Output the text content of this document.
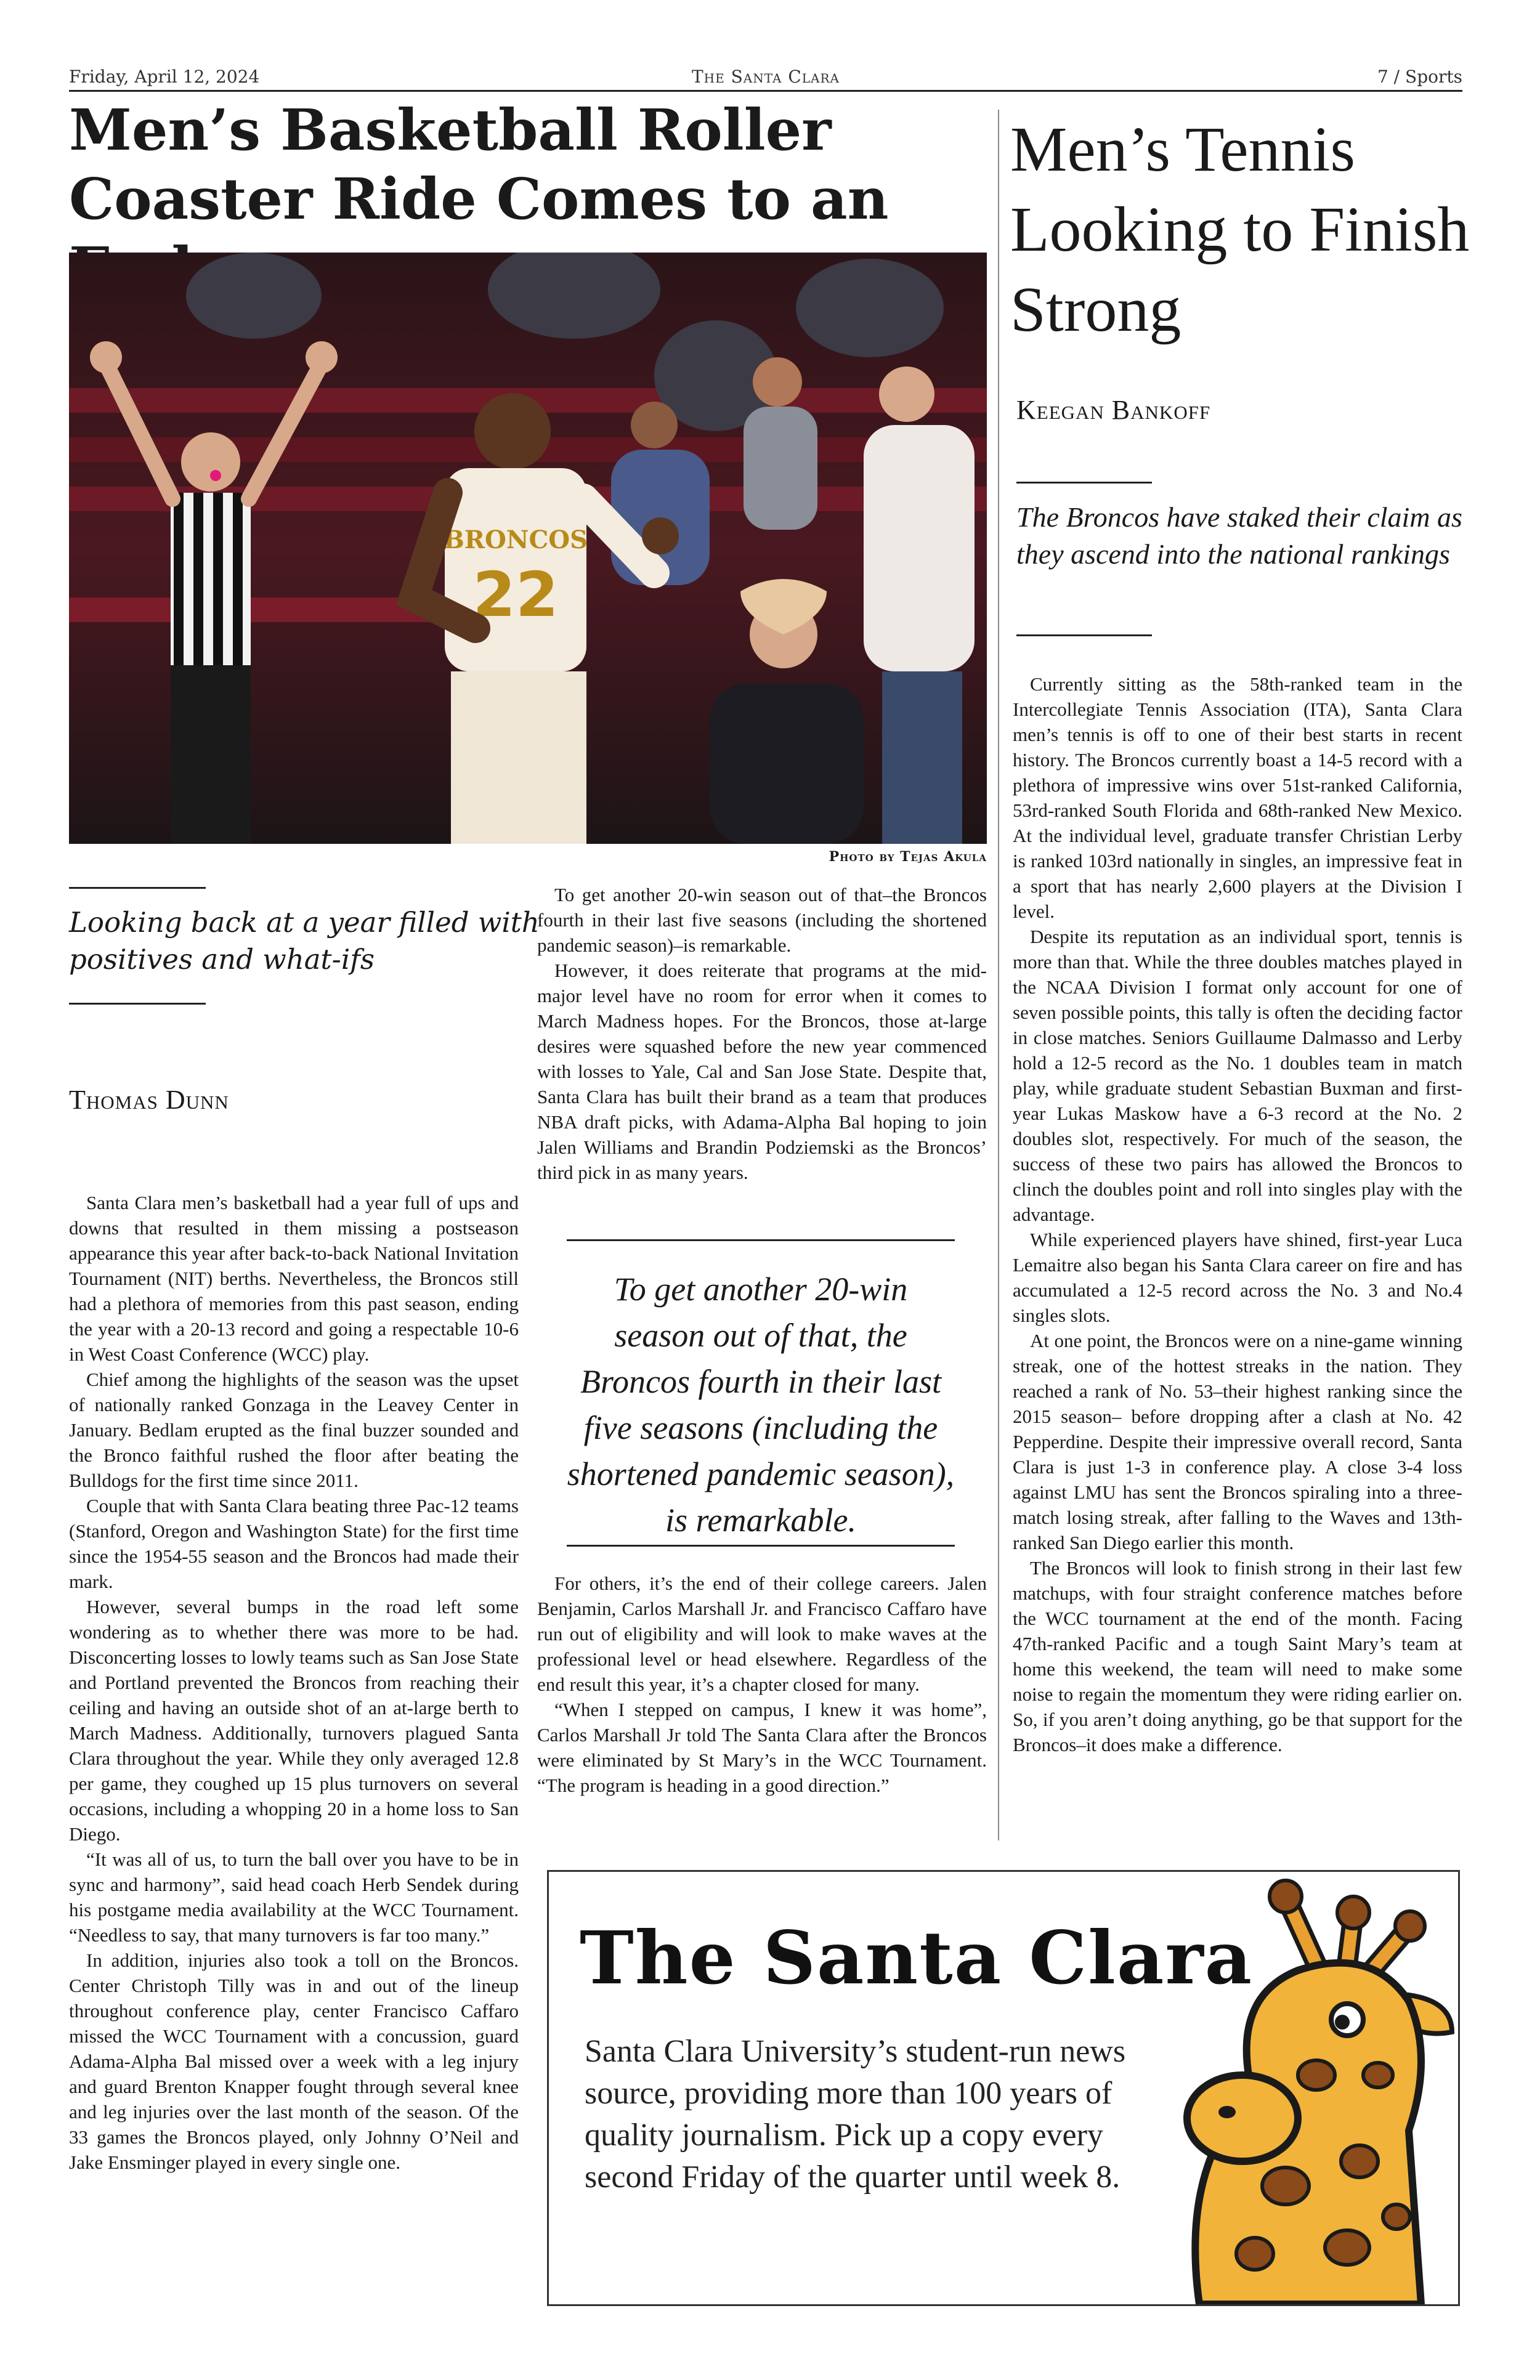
Friday, April 12, 2024	The Santa Clara	7 / Sports
Men’s Basketball Roller Coaster Ride Comes to an
BRONCOS
22
Photo by Tejas Akula
Looking back at a year filled with positives and what-ifs
Thomas Dunn

Santa Clara men’s basketball had a year full of ups and downs that resulted in them missing a postseason appearance this year after back-to-back National Invitation Tournament (NIT) berths. Nevertheless, the Broncos still had a plethora of memories from this past season, ending the year with a 20-13 record and going a respectable 10-6 in West Coast Conference (WCC) play.

Chief among the highlights of the season was the upset of nationally ranked Gonzaga in the Leavey Center in January. Bedlam erupted as the final buzzer sounded and the Bronco faithful rushed the floor after beating the Bulldogs for the first time since 2011.

Couple that with Santa Clara beating three Pac-12 teams (Stanford, Oregon and Washington State) for the first time since the 1954-55 season and the Broncos had made their mark.

However, several bumps in the road left some wondering as to whether there was more to be had. Disconcerting losses to lowly teams such as San Jose State and Portland prevented the Broncos from reaching their ceiling and having an outside shot of an at-large berth to March Madness. Additionally, turnovers plagued Santa Clara throughout the year. While they only averaged 12.8 per game, they coughed up 15 plus turnovers on several occasions, including a whopping 20 in a home loss to San Diego.

“It was all of us, to turn the ball over you have to be in sync and harmony”, said head coach Herb Sendek during his postgame media availability at the WCC Tournament. “Needless to say, that many turnovers is far too many.”

In addition, injuries also took a toll on the Broncos. Center Christoph Tilly was in and out of the lineup throughout conference play, center Francisco Caffaro missed the WCC Tournament with a concussion, guard Adama-Alpha Bal missed over a week with a leg injury and guard Brenton Knapper fought through several knee and leg injuries over the last month of the season. Of the 33 games the Broncos played, only Johnny O’Neil and Jake Ensminger played in every single one.

To get another 20-win season out of that–the Broncos fourth in their last five seasons (including the shortened pandemic season)–is remarkable.

However, it does reiterate that programs at the mid-major level have no room for error when it comes to March Madness hopes. For the Broncos, those at-large desires were squashed before the new year commenced with losses to Yale, Cal and San Jose State. Despite that, Santa Clara has built their brand as a team that produces NBA draft picks, with Adama-Alpha Bal hoping to join Jalen Williams and Brandin Podziemski as the Broncos’ third pick in as many years.

To get another 20-win season out of that, the Broncos fourth in their last five seasons (including the shortened pandemic season), is remarkable.

For others, it’s the end of their college careers. Jalen Benjamin, Carlos Marshall Jr. and Francisco Caffaro have run out of eligibility and will look to make waves at the professional level or head elsewhere. Regardless of the end result this year, it’s a chapter closed for many.

“When I stepped on campus, I knew it was home”, Carlos Marshall Jr told The Santa Clara after the Broncos were eliminated by St Mary’s in the WCC Tournament. “The program is heading in a good direction.”

Men’s Tennis Looking to Finish Strong
Keegan Bankoff
The Broncos have staked their claim as they ascend into the national rankings

Currently sitting as the 58th-ranked team in the Intercollegiate Tennis Association (ITA), Santa Clara men’s tennis is off to one of their best starts in recent history. The Broncos currently boast a 14-5 record with a plethora of impressive wins over 51st-ranked California, 53rd-ranked South Florida and 68th-ranked New Mexico. At the individual level, graduate transfer Christian Lerby is ranked 103rd nationally in singles, an impressive feat in a sport that has nearly 2,600 players at the Division I level.

Despite its reputation as an individual sport, tennis is more than that. While the three doubles matches played in the NCAA Division I format only account for one of seven possible points, this tally is often the deciding factor in close matches. Seniors Guillaume Dalmasso and Lerby hold a 12-5 record as the No. 1 doubles team in match play, while graduate student Sebastian Buxman and first-year Lukas Maskow have a 6-3 record at the No. 2 doubles slot, respectively. For much of the season, the success of these two pairs has allowed the Broncos to clinch the doubles point and roll into singles play with the advantage.

While experienced players have shined, first-year Luca Lemaitre also began his Santa Clara career on fire and has accumulated a 12-5 record across the No. 3 and No.4 singles slots.

At one point, the Broncos were on a nine-game winning streak, one of the hottest streaks in the nation. They reached a rank of No. 53–their highest ranking since the 2015 season– before dropping after a clash at No. 42 Pepperdine. Despite their impressive overall record, Santa Clara is just 1-3 in conference play. A close 3-4 loss against LMU has sent the Broncos spiraling into a three-match losing streak, after falling to the Waves and 13th-ranked San Diego earlier this month.

The Broncos will look to finish strong in their last few matchups, with four straight conference matches before the WCC tournament at the end of the month. Facing 47th-ranked Pacific and a tough Saint Mary’s team at home this weekend, the team will need to make some noise to regain the momentum they were riding earlier on. So, if you aren’t doing anything, go be that support for the Broncos–it does make a difference.

The Santa Clara
Santa Clara University’s student-run news source, providing more than 100 years of quality journalism. Pick up a copy every second Friday of the quarter until week 8.
